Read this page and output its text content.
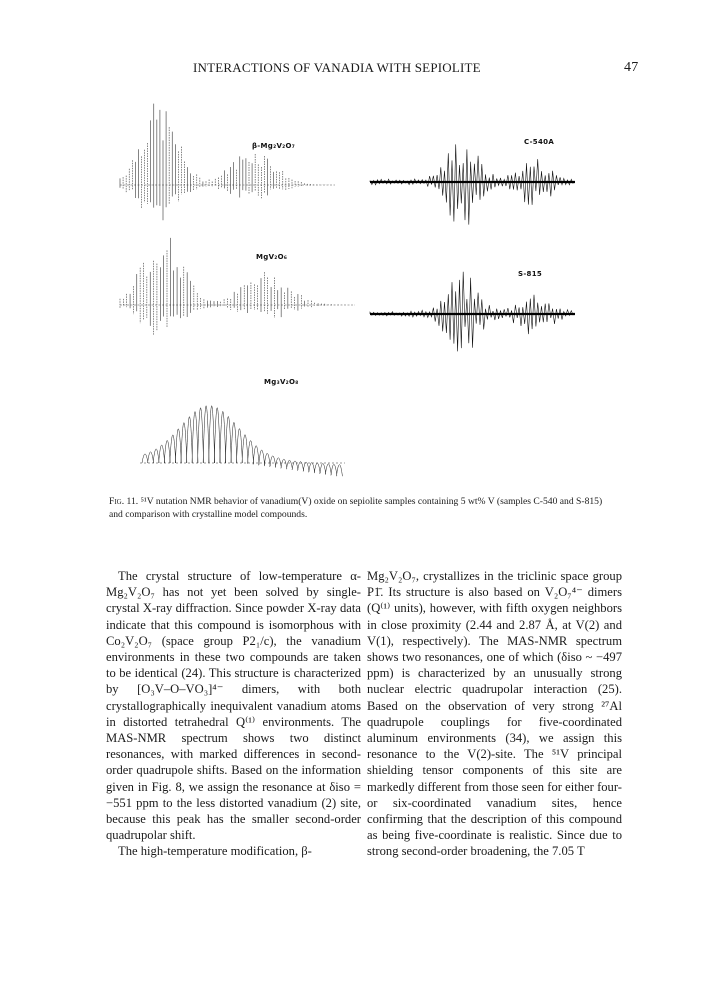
INTERACTIONS OF VANADIA WITH SEPIOLITE	47
β-Mg₂V₂O₇	C-540A
MgV₂O₆
S-815
Mg₃V₂O₈
Fig. 11. ⁵¹V nutation NMR behavior of vanadium(V) oxide on sepiolite samples containing 5 wt% V (samples C-540 and S-815) and comparison with crystalline model compounds.

The crystal structure of low-temperature α-Mg₂V₂O₇ has not yet been solved by single-crystal X-ray diffraction. Since powder X-ray data indicate that this compound is isomorphous with Co₂V₂O₇ (space group P2₁/c), the vanadium environments in these two compounds are taken to be identical (24). This structure is characterized by [O₃V–O–VO₃]⁴⁻ dimers, with both crystallographically inequivalent vanadium atoms in distorted tetrahedral Q⁽¹⁾ environments. The MAS-NMR spectrum shows two distinct resonances, with marked differences in second-order quadrupole shifts. Based on the information given in Fig. 8, we assign the resonance at δiso = −551 ppm to the less distorted vanadium (2) site, because this peak has the smaller second-order quadrupolar shift.

The high-temperature modification, β-

Mg₂V₂O₇, crystallizes in the triclinic space group P1̄. Its structure is also based on V₂O₇⁴⁻ dimers (Q⁽¹⁾ units), however, with fifth oxygen neighbors in close proximity (2.44 and 2.87 Å, at V(2) and V(1), respectively). The MAS-NMR spectrum shows two resonances, one of which (δiso ~ −497 ppm) is characterized by an unusually strong nuclear electric quadrupolar interaction (25). Based on the observation of very strong ²⁷Al quadrupole couplings for five-coordinated aluminum environments (34), we assign this resonance to the V(2)-site. The ⁵¹V principal shielding tensor components of this site are markedly different from those seen for either four- or six-coordinated vanadium sites, hence confirming that the description of this compound as being five-coordinate is realistic. Since due to strong second-order broadening, the 7.05 T
